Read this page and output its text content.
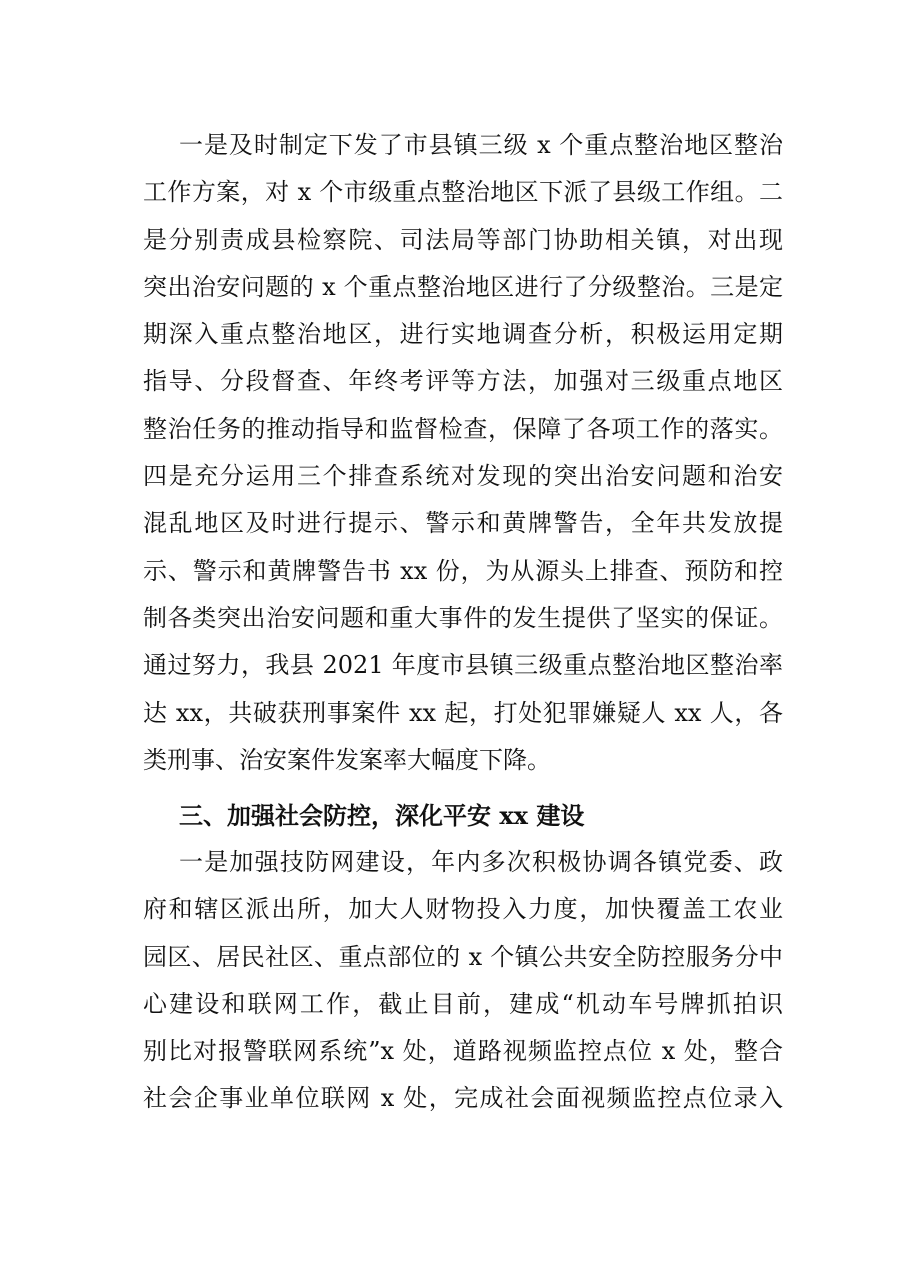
一是及时制定下发了市县镇三级 x 个重点整治地区整治
工作方案，对 x 个市级重点整治地区下派了县级工作组。二
是分别责成县检察院、司法局等部门协助相关镇，对出现
突出治安问题的 x 个重点整治地区进行了分级整治。三是定
期深入重点整治地区，进行实地调查分析，积极运用定期
指导、分段督查、年终考评等方法，加强对三级重点地区
整治任务的推动指导和监督检查，保障了各项工作的落实。
四是充分运用三个排查系统对发现的突出治安问题和治安
混乱地区及时进行提示、警示和黄牌警告，全年共发放提
示、警示和黄牌警告书 xx 份，为从源头上排查、预防和控
制各类突出治安问题和重大事件的发生提供了坚实的保证。
通过努力，我县 2021 年度市县镇三级重点整治地区整治率
达 xx，共破获刑事案件 xx 起，打处犯罪嫌疑人 xx 人，各
类刑事、治安案件发案率大幅度下降。
三、加强社会防控，深化平安 xx 建设
一是加强技防网建设，年内多次积极协调各镇党委、政
府和辖区派出所，加大人财物投入力度，加快覆盖工农业
园区、居民社区、重点部位的 x 个镇公共安全防控服务分中
心建设和联网工作，截止目前，建成“机动车号牌抓拍识
别比对报警联网系统”x 处，道路视频监控点位 x 处，整合
社会企事业单位联网 x 处，完成社会面视频监控点位录入
